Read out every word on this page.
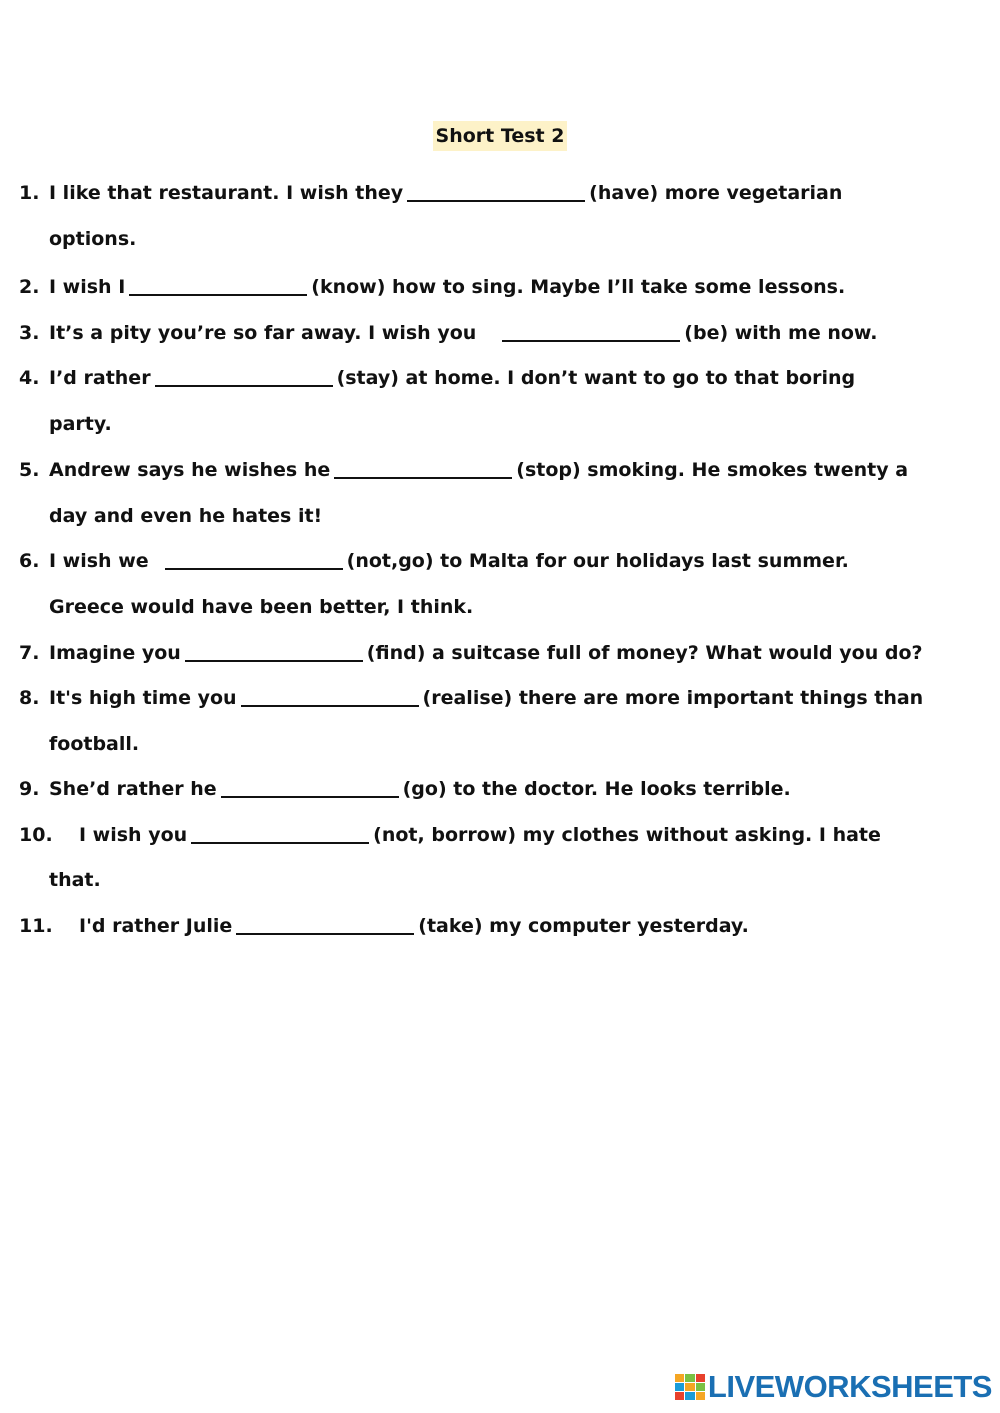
Short Test 2
1. I like that restaurant. I wish they	(have) more vegetarian
options.
2. I wish I	(know) how to sing. Maybe I’ll take some lessons.
3. It’s a pity you’re so far away. I wish you	(be) with me now.
4. I’d rather	(stay) at home. I don’t want to go to that boring
party.
5. Andrew says he wishes he	(stop) smoking. He smokes twenty a
day and even he hates it!
6. I wish we	(not,go) to Malta for our holidays last summer.
Greece would have been better, I think.
7. Imagine you	(find) a suitcase full of money? What would you do?
8. It's high time you	(realise) there are more important things than
football.
9. She’d rather he	(go) to the doctor. He looks terrible.
10. I wish you	(not, borrow) my clothes without asking. I hate
that.
11. I'd rather Julie	(take) my computer yesterday.
LIVEWORKSHEETS
